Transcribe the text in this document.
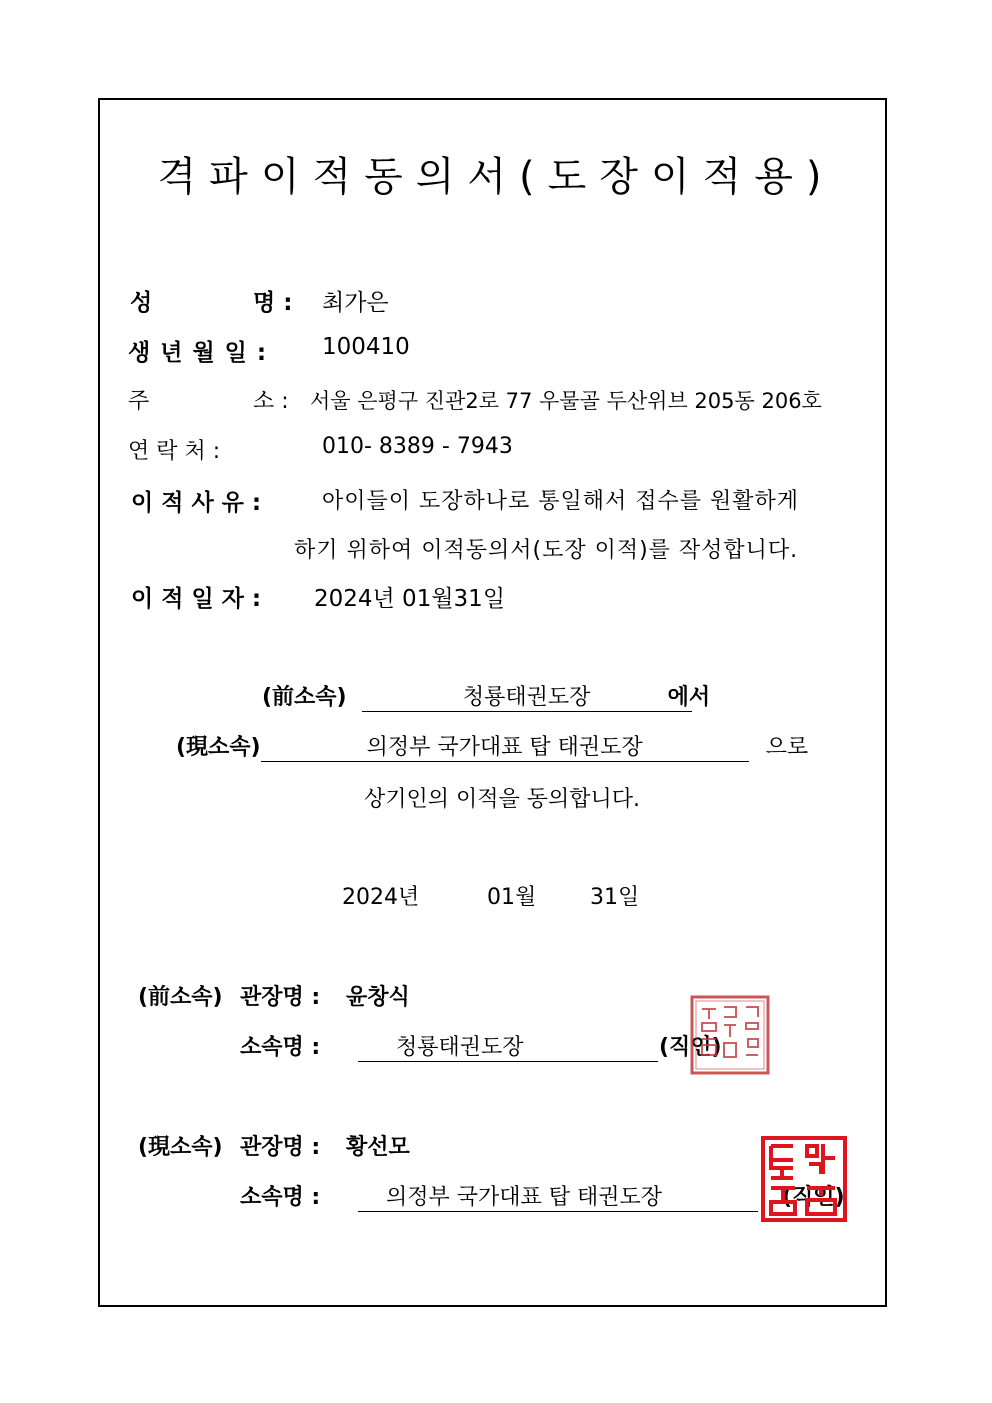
격파이적동의서(도장이적용)
성	명 : 최가은
생 년 월 일 : 100410
주	소 : 서울 은평구 진관2로 77 우물골 두산위브 205동 206호
연 락 처 :	010- 8389 - 7943
이 적 사 유 :	아이들이 도장하나로 통일해서 접수를 원활하게
하기 위하여 이적동의서(도장 이적)를 작성합니다.
이 적 일 자 : 2024년 01월31일
(前소속)	청룡태권도장	에서
(現소속)	의정부 국가대표 탑 태권도장	으로
상기인의 이적을 동의합니다.
2024년	01월 31일
(前소속) 관장명 : 윤창식
소속명 :	청룡태권도장	(직인)
(現소속) 관장명 : 황선모
소속명 :	의정부 국가대표 탑 태권도장	(직인)
